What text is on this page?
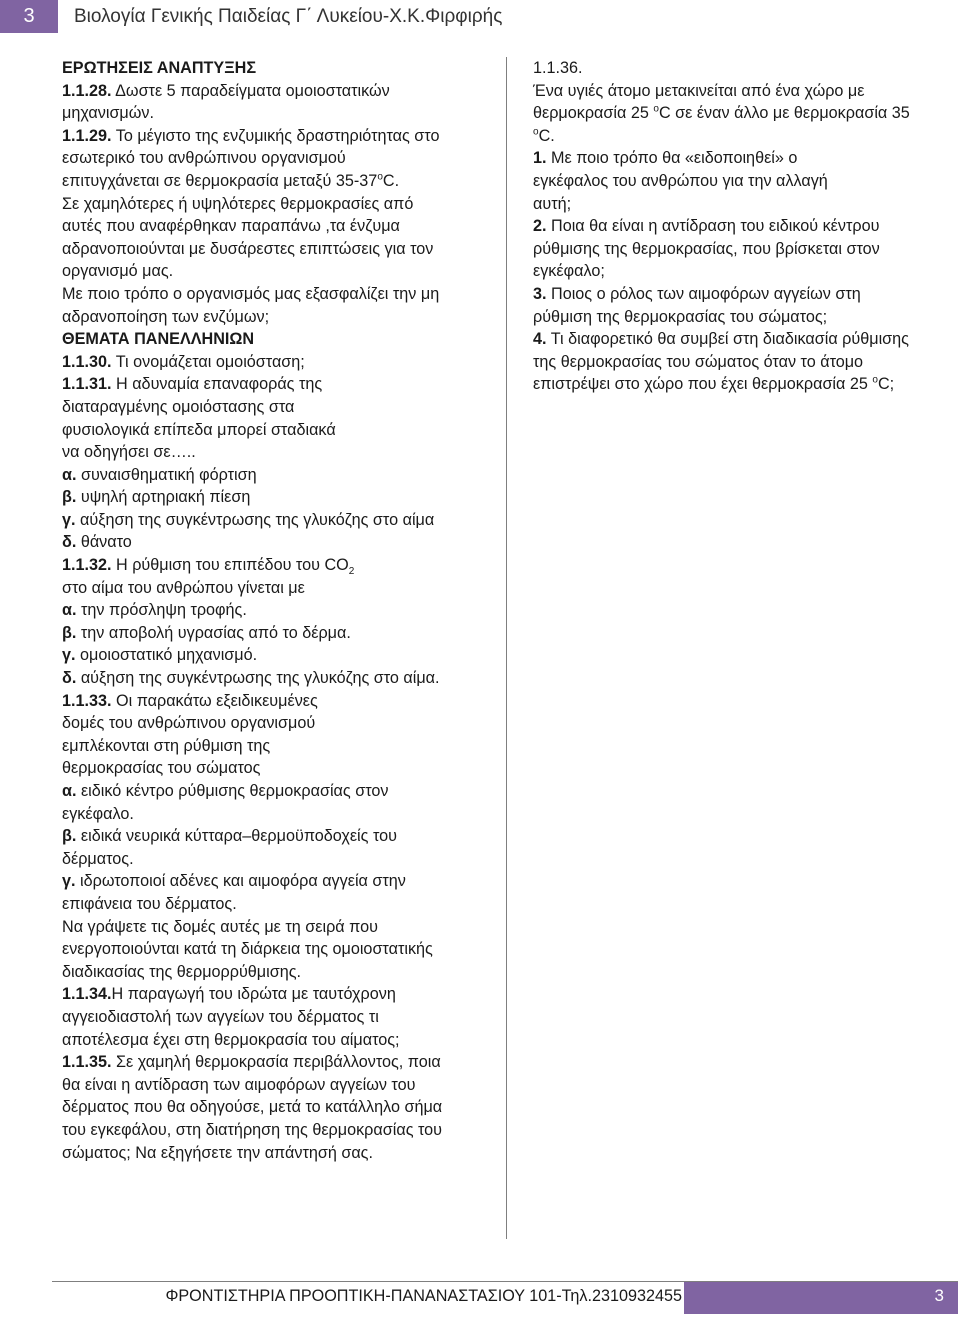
3	Βιολογία Γενικής Παιδείας Γ΄ Λυκείου-Χ.Κ.Φιρφιρής
ΕΡΩΤΗΣΕΙΣ ΑΝΑΠΤΥΞΗΣ
1.1.28. Δωστε 5 παραδείγματα ομοιοστατικών
μηχανισμών.
1.1.29. Το μέγιστο της ενζυμικής δραστηριότητας στο
εσωτερικό του ανθρώπινου οργανισμού
επιτυγχάνεται σε θερμοκρασία μεταξύ $35-37^oC$.
Σε χαμηλότερες ή υψηλότερες θερμοκρασίες από
αυτές που αναφέρθηκαν παραπάνω ,τα ένζυμα
αδρανοποιούνται με δυσάρεστες επιπτώσεις για τον
οργανισμό μας.
Με ποιο τρόπο ο οργανισμός μας εξασφαλίζει την μη
αδρανοποίηση των ενζύμων;
ΘΕΜΑΤΑ ΠΑΝΕΛΛΗΝΙΩΝ
1.1.30. Τι ονομάζεται ομοιόσταση;
1.1.31. Η αδυναμία επαναφοράς της
διαταραγμένης ομοιόστασης στα
φυσιολογικά επίπεδα μπορεί σταδιακά
να οδηγήσει σε…..
α. συναισθηματική φόρτιση
β. υψηλή αρτηριακή πίεση
γ. αύξηση της συγκέντρωσης της γλυκόζης στο αίμα
δ. θάνατο
1.1.32. Η ρύθμιση του επιπέδου του $CO_2$
στο αίμα του ανθρώπου γίνεται με
α. την πρόσληψη τροφής.
β. την αποβολή υγρασίας από το δέρμα.
γ. ομοιοστατικό μηχανισμό.
δ. αύξηση της συγκέντρωσης της γλυκόζης στο αίμα.
1.1.33. Οι παρακάτω εξειδικευμένες
δομές του ανθρώπινου οργανισμού
εμπλέκονται στη ρύθμιση της
θερμοκρασίας του σώματος
α. ειδικό κέντρο ρύθμισης θερμοκρασίας στον
εγκέφαλο.
β. ειδικά νευρικά κύτταρα–θερμοϋποδοχείς του
δέρματος.
γ. ιδρωτοποιοί αδένες και αιμοφόρα αγγεία στην
επιφάνεια του δέρματος.
Να γράψετε τις δομές αυτές με τη σειρά που
ενεργοποιούνται κατά τη διάρκεια της ομοιοστατικής
διαδικασίας της θερμορρύθμισης.
1.1.34.Η παραγωγή του ιδρώτα με ταυτόχρονη
αγγειοδιαστολή των αγγείων του δέρματος τι
αποτέλεσμα έχει στη θερμοκρασία του αίματος;
1.1.35. Σε χαμηλή θερμοκρασία περιβάλλοντος, ποια
θα είναι η αντίδραση των αιμοφόρων αγγείων του
δέρματος που θα οδηγούσε, μετά το κατάλληλο σήμα
του εγκεφάλου, στη διατήρηση της θερμοκρασίας του
σώματος; Να εξηγήσετε την απάντησή σας.
1.1.36.
Ένα υγιές άτομο μετακινείται από ένα χώρο με
θερμοκρασία 25 $^o$C σε έναν άλλο με θερμοκρασία 35
$^o$C.
1. Με ποιο τρόπο θα «ειδοποιηθεί» ο
εγκέφαλος του ανθρώπου για την αλλαγή
αυτή;
2. Ποια θα είναι η αντίδραση του ειδικού κέντρου
ρύθμισης της θερμοκρασίας, που βρίσκεται στον
εγκέφαλο;
3. Ποιος ο ρόλος των αιμοφόρων αγγείων στη
ρύθμιση της θερμοκρασίας του σώματος;
4. Τι διαφορετικό θα συμβεί στη διαδικασία ρύθμισης
της θερμοκρασίας του σώματος όταν το άτομο
επιστρέψει στο χώρο που έχει θερμοκρασία 25 $^o$C;
ΦΡΟΝΤΙΣΤΗΡΙΑ ΠΡΟΟΠΤΙΚΗ-ΠΑΝΑΝΑΣΤΑΣΙΟΥ 101-Τηλ.2310932455	3
